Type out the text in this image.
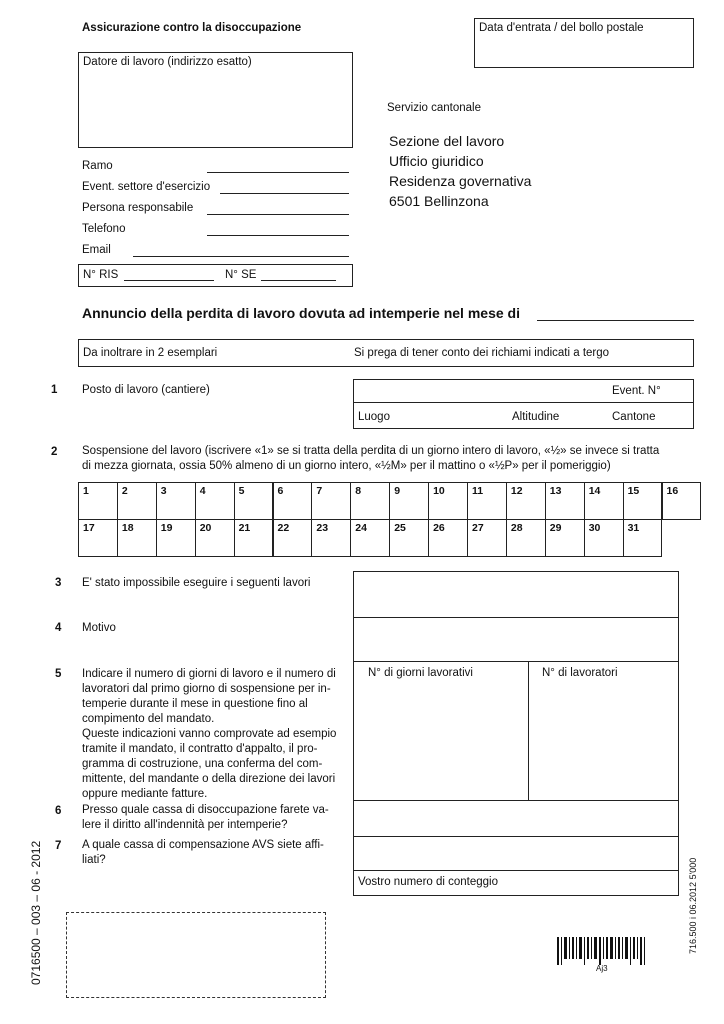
Assicurazione contro la disoccupazione	Data d'entrata / del bollo postale
Datore di lavoro (indirizzo esatto)
Servizio cantonale
Sezione del lavoro
Ufficio giuridico
Residenza governativa
6501 Bellinzona
Ramo
Event. settore d'esercizio
Persona responsabile
Telefono
Email
N° RIS	N° SE
Annuncio della perdita di lavoro dovuta ad intemperie nel mese di
Da inoltrare in 2 esemplari	Si prega di tener conto dei richiami indicati a tergo
1 Posto di lavoro (cantiere)	Event. N°
Luogo	Altitudine	Cantone
2 Sospensione del lavoro (iscrivere «1» se si tratta della perdita di un giorno intero di lavoro, «½» se invece si tratta
di mezza giornata, ossia 50% almeno di un giorno intero, «½M» per il mattino o «½P» per il pomeriggio)
1	2	3	4	5	6	7	8	9	10	11	12	13	14	15	16
17	18	19	20	21	22	23	24	25	26	27	28	29	30	31
3 E' stato impossibile eseguire i seguenti lavori
4 Motivo
N° di giorni lavorativi	N° di lavoratori
Vostro numero di conteggio
5 Indicare il numero di giorni di lavoro e il numero di
lavoratori dal primo giorno di sospensione per in-
temperie durante il mese in questione fino al
compimento del mandato.
Queste indicazioni vanno comprovate ad esempio
tramite il mandato, il contratto d'appalto, il pro-
gramma di costruzione, una conferma del com-
mittente, del mandante o della direzione dei lavori
oppure mediante fatture.
6 Presso quale cassa di disoccupazione farete va-
lere il diritto all'indennità per intemperie?
7 A quale cassa di compensazione AVS siete affi-
liati?
0716500 – 003 – 06 - 2012	716.500 i 06.2012 5'000
Aj3
